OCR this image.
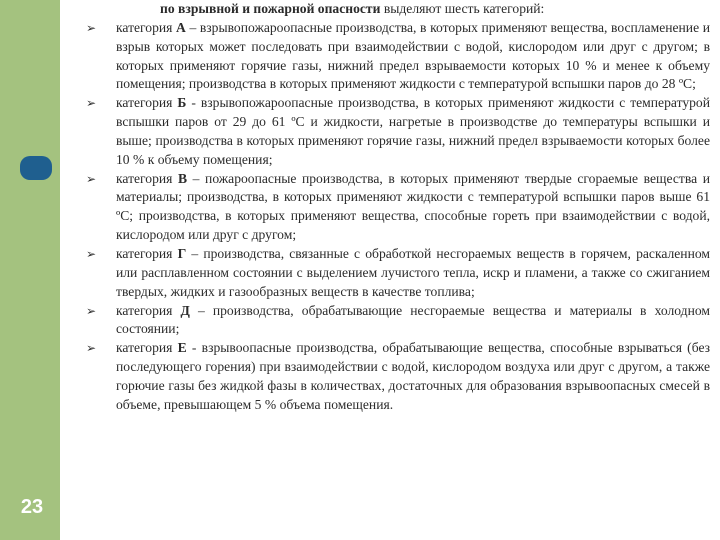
23

по взрывной и пожарной опасности выделяют шесть категорий:

➢	категория А – взрывопожароопасные производства, в которых применяют вещества, воспламенение и взрыв которых может последовать при взаимодействии с водой, кислородом или друг с другом; в которых применяют горячие газы, нижний предел взрываемости которых 10 % и менее к объему помещения; производства в которых применяют жидкости с температурой вспышки паров до 28 ºС;
➢	категория Б - взрывопожароопасные производства, в которых применяют жидкости с температурой вспышки паров от 29 до 61 ºС и жидкости, нагретые в производстве до температуры вспышки и выше; производства в которых применяют горячие газы, нижний предел взрываемости которых более 10 % к объему помещения;
➢	категория В – пожароопасные производства, в которых применяют твердые сгораемые вещества и материалы; производства, в которых применяют жидкости с температурой вспышки паров выше 61 ºС; производства, в которых применяют вещества, способные гореть при взаимодействии с водой, кислородом или друг с другом;
➢	категория Г – производства, связанные с обработкой несгораемых веществ в горячем, раскаленном или расплавленном состоянии с выделением лучистого тепла, искр и пламени, а также со сжиганием твердых, жидких и газообразных веществ в качестве топлива;
➢	категория Д – производства, обрабатывающие несгораемые вещества и материалы в холодном состоянии;
➢	категория Е - взрывоопасные производства, обрабатывающие вещества, способные взрываться (без последующего горения) при взаимодействии с водой, кислородом воздуха или друг с другом, а также горючие газы без жидкой фазы в количествах, достаточных для образования взрывоопасных смесей в объеме, превышающем 5 % объема помещения.
